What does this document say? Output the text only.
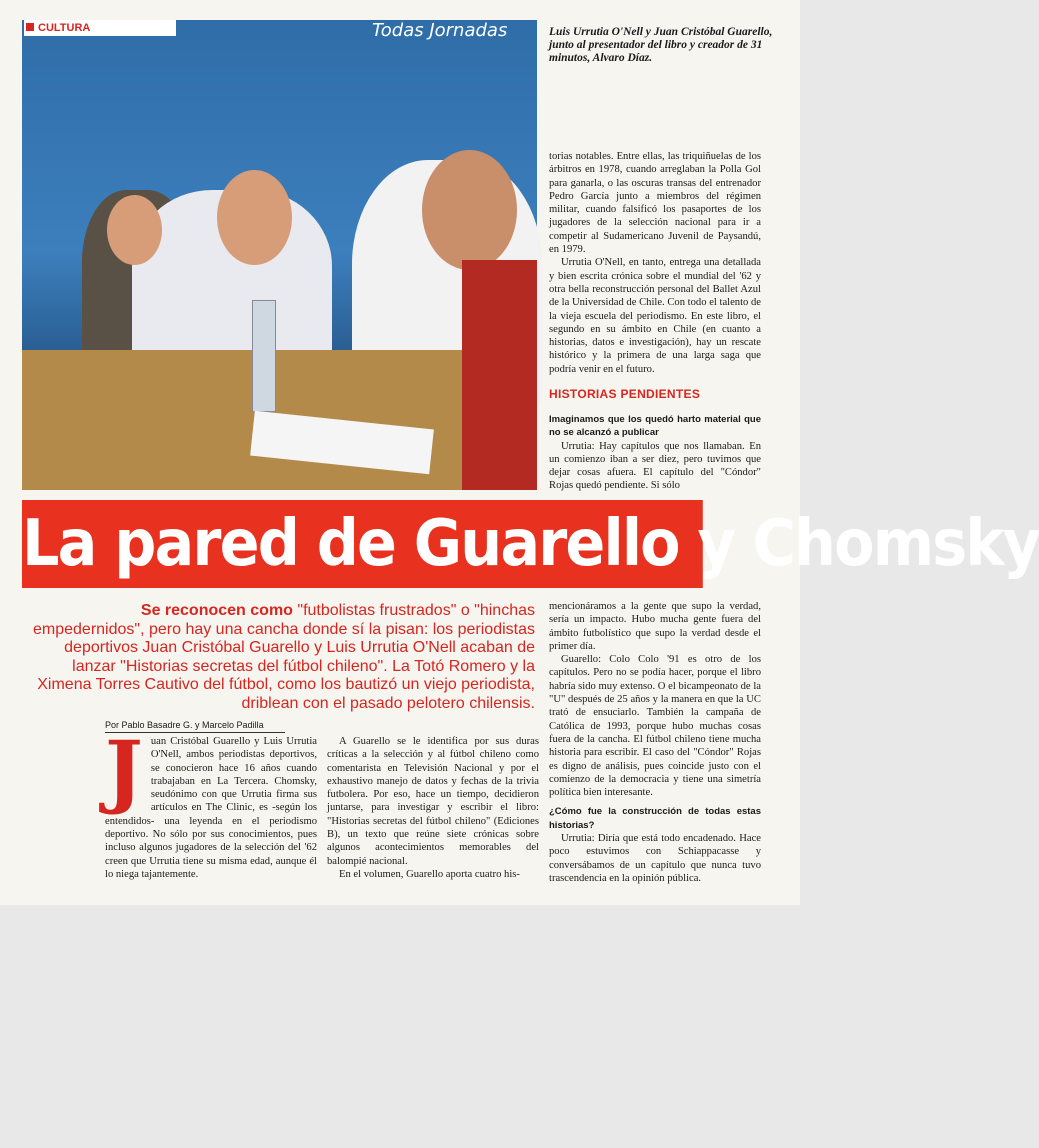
Todas Jornadas
CULTURA	Luis Urrutia O'Nell y Juan Cristóbal Guarello, junto al presentador del libro y creador de 31 minutos, Alvaro Díaz.

torias notables. Entre ellas, las triquiñuelas de los árbitros en 1978, cuando arreglaban la Polla Gol para ganarla, o las oscuras transas del entrenador Pedro García junto a miembros del régimen militar, cuando falsificó los pasaportes de los jugadores de la selección nacional para ir a competir al Sudamericano Juvenil de Paysandú, en 1979.

Urrutia O'Nell, en tanto, entrega una detallada y bien escrita crónica sobre el mundial del '62 y otra bella reconstrucción personal del Ballet Azul de la Universidad de Chile. Con todo el talento de la vieja escuela del periodismo. En este libro, el segundo en su ámbito en Chile (en cuanto a historias, datos e investigación), hay un rescate histórico y la primera de una larga saga que podría venir en el futuro.

HISTORIAS PENDIENTES

Imaginamos que los quedó harto material que no se alcanzó a publicar

Urrutia: Hay capítulos que nos llamaban. En un comienzo iban a ser diez, pero tuvimos que dejar cosas afuera. El capítulo del "Cóndor" Rojas quedó pendiente. Si sólo

La pared de Guarello y Chomsky
Se reconocen como "futbolistas frustrados" o "hinchas empedernidos", pero hay una cancha donde sí la pisan: los periodistas deportivos Juan Cristóbal Guarello y Luis Urrutia O'Nell acaban de lanzar "Historias secretas del fútbol chileno". La Totó Romero y la Ximena Torres Cautivo del fútbol, como los bautizó un viejo periodista, driblean con el pasado pelotero chilensis.
Por Pablo Basadre G. y Marcelo Padilla
J uan Cristóbal Guarello y Luis Urrutia O'Nell, ambos periodistas deportivos, se conocieron hace 16 años cuando trabajaban en La Tercera. Chomsky, seudónimo con que Urrutia firma sus artículos en The Clinic, es -según los entendidos- una leyenda en el periodismo deportivo. No sólo por sus conocimientos, pues incluso algunos jugadores de la selección del '62 creen que Urrutia tiene su misma edad, aunque él lo niega tajantemente.

A Guarello se le identifica por sus duras críticas a la selección y al fútbol chileno como comentarista en Televisión Nacional y por el exhaustivo manejo de datos y fechas de la trivia futbolera. Por eso, hace un tiempo, decidieron juntarse, para investigar y escribir el libro: "Historias secretas del fútbol chileno" (Ediciones B), un texto que reúne siete crónicas sobre algunos acontecimientos memorables del balompié nacional.

En el volumen, Guarello aporta cuatro his-

mencionáramos a la gente que supo la verdad, sería un impacto. Hubo mucha gente fuera del ámbito futbolístico que supo la verdad desde el primer día.

Guarello: Colo Colo '91 es otro de los capítulos. Pero no se podía hacer, porque el libro habría sido muy extenso. O el bicampeonato de la "U" después de 25 años y la manera en que la UC trató de ensuciarlo. También la campaña de Católica de 1993, porque hubo muchas cosas fuera de la cancha. El fútbol chileno tiene mucha historia para escribir. El caso del "Cóndor" Rojas es digno de análisis, pues coincide justo con el comienzo de la democracia y tiene una simetría política bien interesante.

¿Cómo fue la construcción de todas estas historias?

Urrutia: Diría que está todo encadenado. Hace poco estuvimos con Schiappacasse y conversábamos de un capítulo que nunca tuvo trascendencia en la opinión pública.
